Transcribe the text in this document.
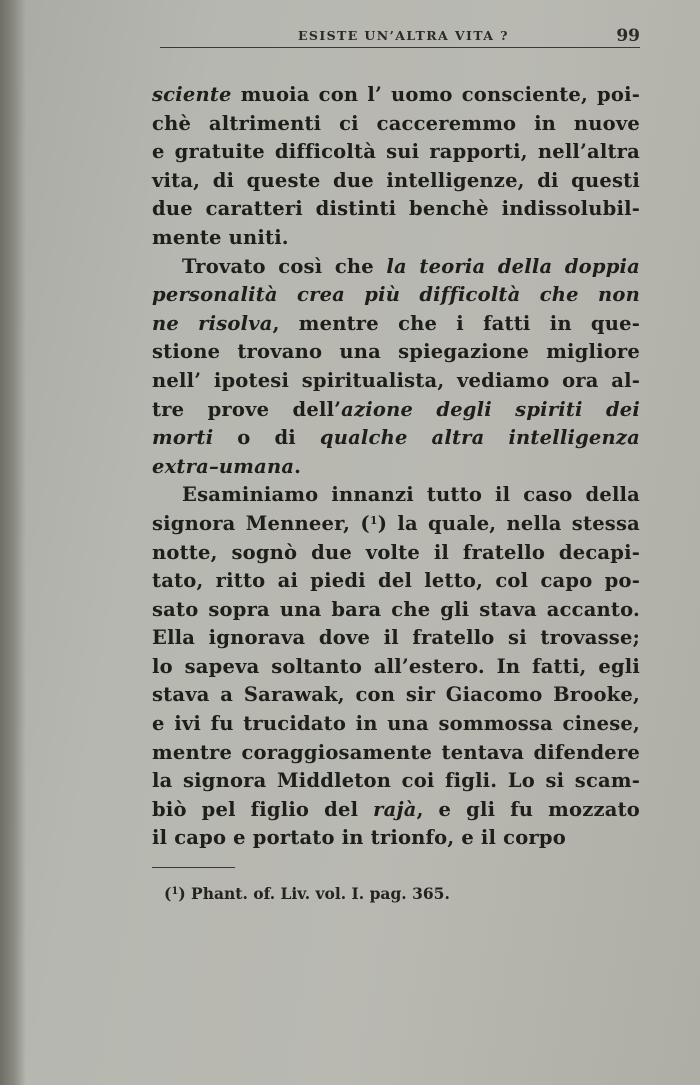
ESISTE UN’ALTRA VITA ?	99
sciente muoia con l’ uomo consciente, poi-
chè altrimenti ci cacceremmo in nuove
e gratuite difficoltà sui rapporti, nell’altra
vita, di queste due intelligenze, di questi
due caratteri distinti benchè indissolubil-
mente uniti.
Trovato così che la teoria della doppia
personalità crea più difficoltà che non
ne risolva, mentre che i fatti in que-
stione trovano una spiegazione migliore
nell’ ipotesi spiritualista, vediamo ora al-
tre prove dell’azione degli spiriti dei
morti o di qualche altra intelligenza
extra–umana.
Esaminiamo innanzi tutto il caso della
signora Menneer, ($^1$) la quale, nella stessa
notte, sognò due volte il fratello decapi-
tato, ritto ai piedi del letto, col capo po-
sato sopra una bara che gli stava accanto.
Ella ignorava dove il fratello si trovasse;
lo sapeva soltanto all’estero. In fatti, egli
stava a Sarawak, con sir Giacomo Brooke,
e ivi fu trucidato in una sommossa cinese,
mentre coraggiosamente tentava difendere
la signora Middleton coi figli. Lo si scam-
biò pel figlio del rajà, e gli fu mozzato
il capo e portato in trionfo, e il corpo
($^1$) Phant. of. Liv. vol. I. pag. 365.
